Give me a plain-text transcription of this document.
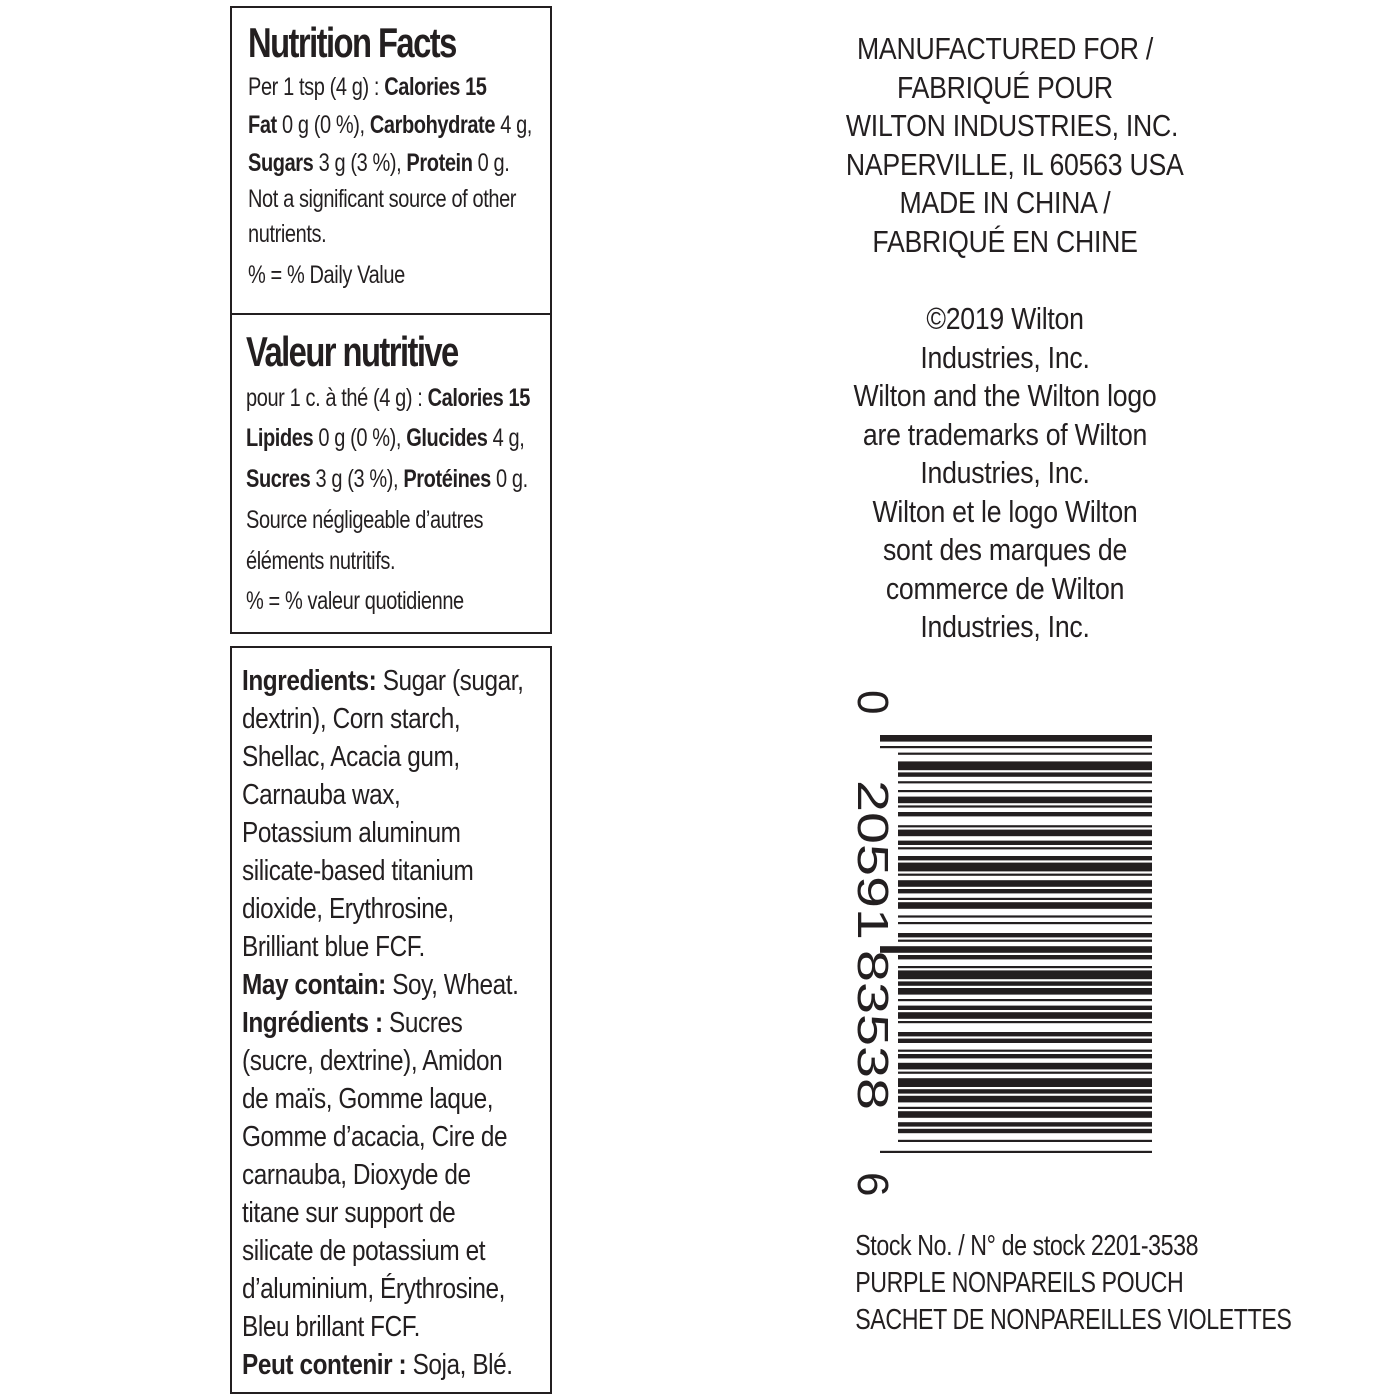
Nutrition Facts
Per 1 tsp (4 g) : Calories 15
Fat 0 g (0 %), Carbohydrate 4 g,
Sugars 3 g (3 %), Protein 0 g.
Not a significant source of other
nutrients.
% = % Daily Value
Valeur nutritive
pour 1 c. à thé (4 g) : Calories 15
Lipides 0 g (0 %), Glucides 4 g,
Sucres 3 g (3 %), Protéines 0 g.
Source négligeable d’autres
éléments nutritifs.
% = % valeur quotidienne
Ingredients: Sugar (sugar,
dextrin), Corn starch,
Shellac, Acacia gum,
Carnauba wax,
Potassium aluminum
silicate-based titanium
dioxide, Erythrosine,
Brilliant blue FCF.
May contain: Soy, Wheat.
Ingrédients : Sucres
(sucre, dextrine), Amidon
de maïs, Gomme laque,
Gomme d’acacia, Cire de
carnauba, Dioxyde de
titane sur support de
silicate de potassium et
d’aluminium, Érythrosine,
Bleu brillant FCF.
Peut contenir : Soja, Blé.
MANUFACTURED FOR /
FABRIQUÉ POUR
WILTON INDUSTRIES, INC.
NAPERVILLE, IL 60563 USA
MADE IN CHINA /
FABRIQUÉ EN CHINE
©2019 Wilton
Industries, Inc.
Wilton and the Wilton logo
are trademarks of Wilton
Industries, Inc.
Wilton et le logo Wilton
sont des marques de
commerce de Wilton
Industries, Inc.
0
20591
83538
6
Stock No. / N° de stock 2201-3538
PURPLE NONPAREILS POUCH
SACHET DE NONPAREILLES VIOLETTES
